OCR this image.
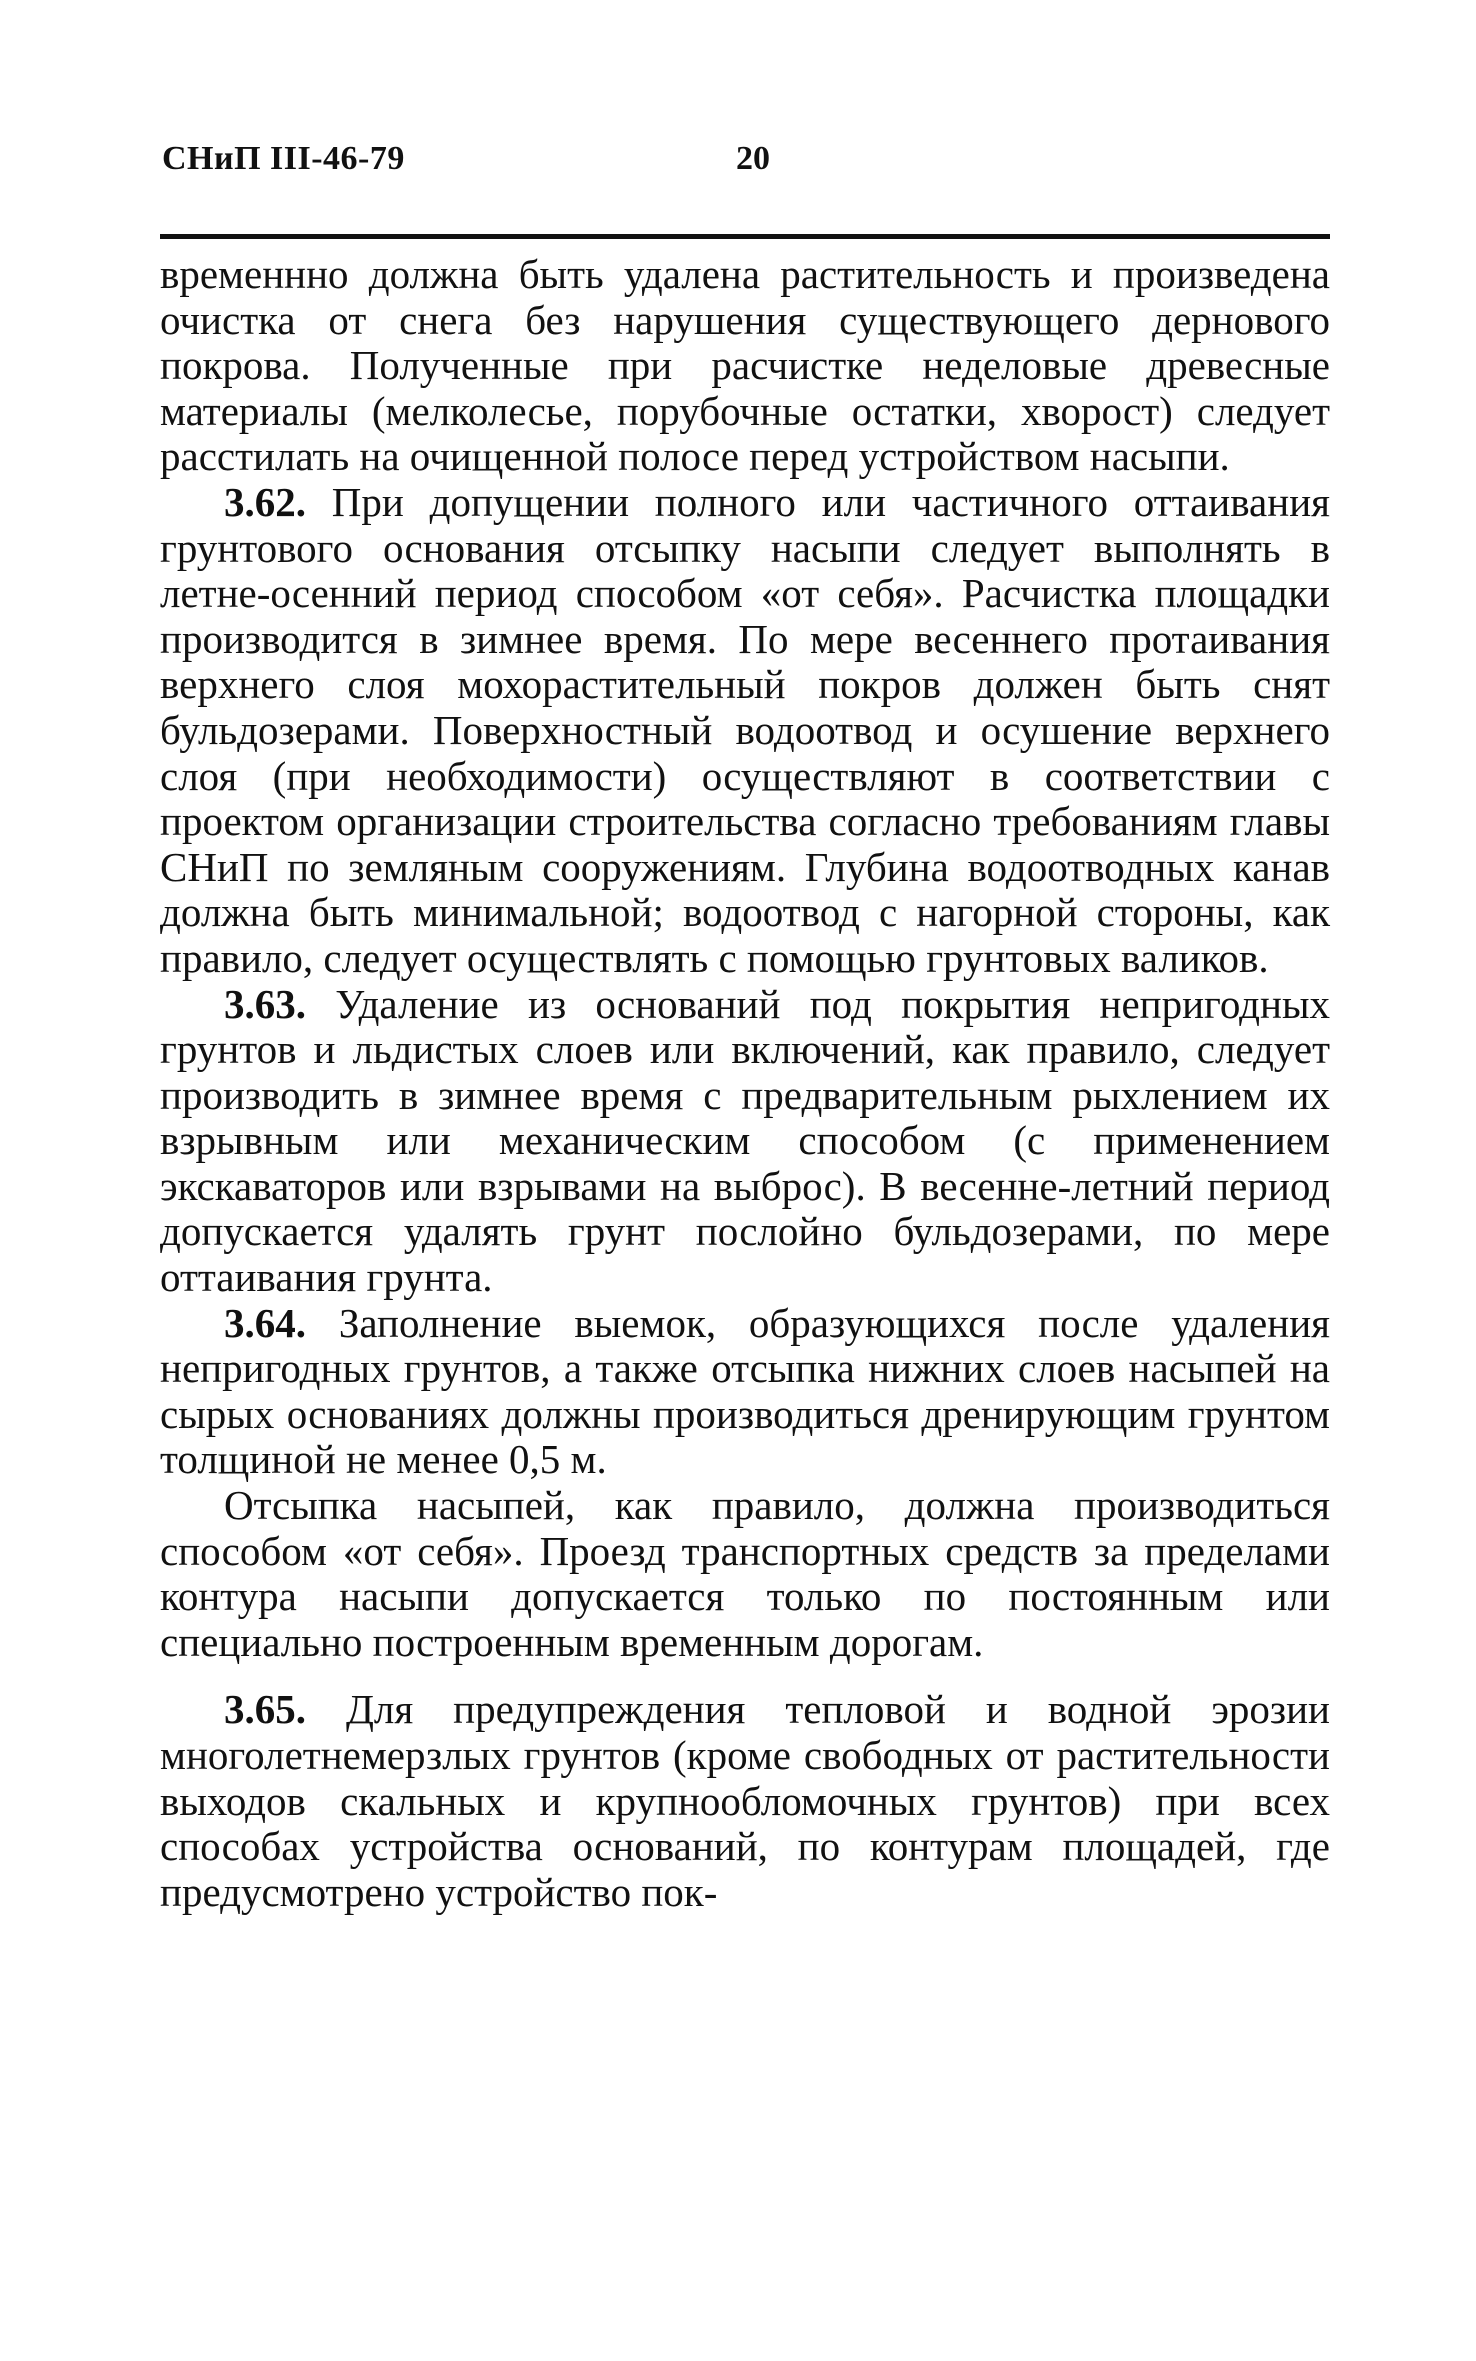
СНиП III-46-79	20

временнно должна быть удалена растительность и произведена очистка от снега без нарушения существующего дернового покрова. Полученные при расчистке неделовые древесные материалы (мелколесье, порубочные остатки, хворост) следует расстилать на очищенной полосе перед устройством насыпи.

3.62. При допущении полного или частичного оттаивания грунтового основания отсыпку насыпи следует выполнять в летне-осенний период способом «от себя». Расчистка площадки производится в зимнее время. По мере весеннего протаивания верхнего слоя мохорастительный покров должен быть снят бульдозерами. Поверхностный водоотвод и осушение верхнего слоя (при необходимости) осуществляют в соответствии с проектом организации строительства согласно требованиям главы СНиП по земляным сооружениям. Глубина водоотводных канав должна быть минимальной; водоотвод с нагорной стороны, как правило, следует осуществлять с помощью грунтовых валиков.

3.63. Удаление из оснований под покрытия непригодных грунтов и льдистых слоев или включений, как правило, следует производить в зимнее время с предварительным рыхлением их взрывным или механическим способом (с применением экскаваторов или взрывами на выброс). В весенне-летний период допускается удалять грунт послойно бульдозерами, по мере оттаивания грунта.

3.64. Заполнение выемок, образующихся после удаления непригодных грунтов, а также отсыпка нижних слоев насыпей на сырых основаниях должны производиться дренирующим грунтом толщиной не менее 0,5 м.

Отсыпка насыпей, как правило, должна производиться способом «от себя». Проезд транспортных средств за пределами контура насыпи допускается только по постоянным или специально построенным временным дорогам.

3.65. Для предупреждения тепловой и водной эрозии многолетнемерзлых грунтов (кроме свободных от растительности выходов скальных и крупнообломочных грунтов) при всех способах устройства оснований, по контурам площадей, где предусмотрено устройство пок-
